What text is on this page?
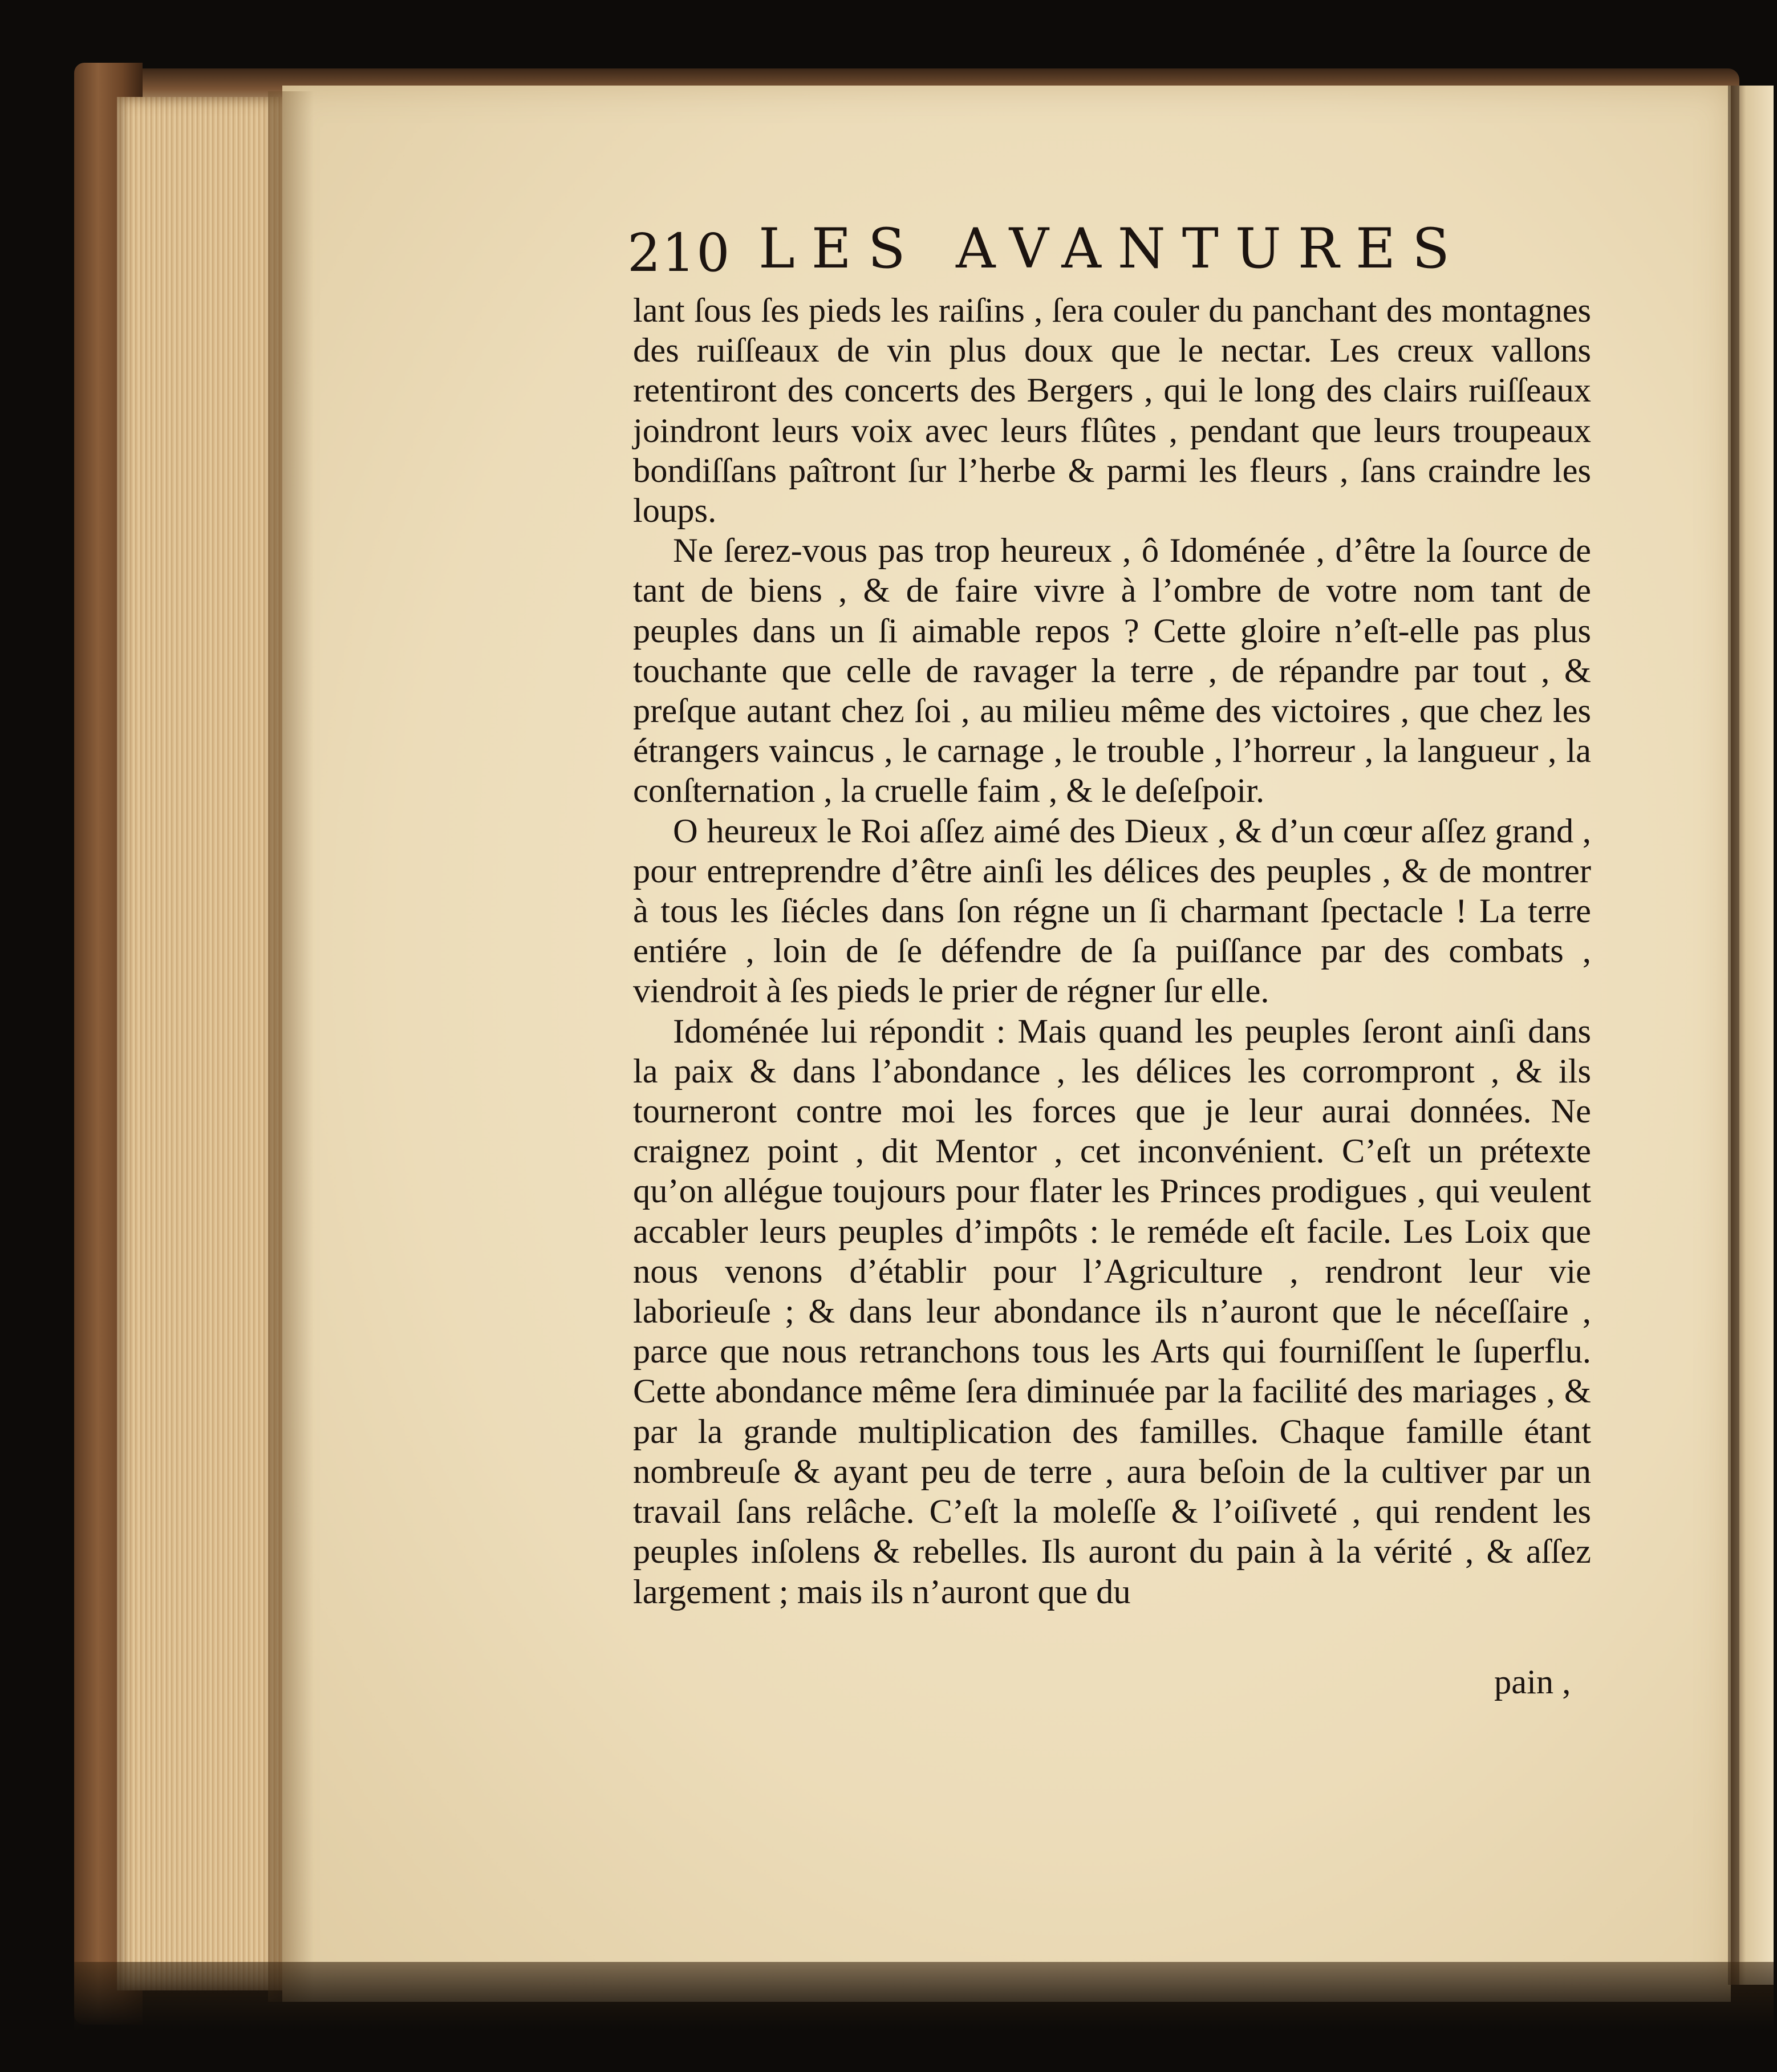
210 LES AVANTURES

lant ſous ſes pieds les raiſins , ſera couler du panchant des montagnes des ruiſſeaux de vin plus doux que le nectar. Les creux vallons retentiront des concerts des Bergers , qui le long des clairs ruiſſeaux joindront leurs voix avec leurs flûtes , pendant que leurs troupeaux bondiſſans paîtront ſur l’herbe & parmi les fleurs , ſans craindre les loups.

Ne ſerez-vous pas trop heureux , ô Idoménée , d’être la ſource de tant de biens , & de faire vivre à l’ombre de votre nom tant de peuples dans un ſi aimable repos ? Cette gloire n’eſt-elle pas plus touchante que celle de ravager la terre , de répandre par tout , & preſque autant chez ſoi , au milieu même des victoires , que chez les étrangers vaincus , le carnage , le trouble , l’horreur , la langueur , la conſternation , la cruelle faim , & le deſeſpoir.

O heureux le Roi aſſez aimé des Dieux , & d’un cœur aſſez grand , pour entreprendre d’être ainſi les délices des peuples , & de montrer à tous les ſiécles dans ſon régne un ſi charmant ſpectacle ! La terre entiére , loin de ſe défendre de ſa puiſſance par des combats , viendroit à ſes pieds le prier de régner ſur elle.

Idoménée lui répondit : Mais quand les peuples ſeront ainſi dans la paix & dans l’abondance , les délices les corrompront , & ils tourneront contre moi les forces que je leur aurai données. Ne craignez point , dit Mentor , cet inconvénient. C’eſt un prétexte qu’on allégue toujours pour flater les Princes prodigues , qui veulent accabler leurs peuples d’impôts : le reméde eſt facile. Les Loix que nous venons d’établir pour l’Agriculture , rendront leur vie laborieuſe ; & dans leur abondance ils n’auront que le néceſſaire , parce que nous retranchons tous les Arts qui fourniſſent le ſuperflu. Cette abondance même ſera diminuée par la facilité des mariages , & par la grande multiplication des familles. Chaque famille étant nombreuſe & ayant peu de terre , aura beſoin de la cultiver par un travail ſans relâche. C’eſt la moleſſe & l’oiſiveté , qui rendent les peuples inſolens & rebelles. Ils auront du pain à la vérité , & aſſez largement ; mais ils n’auront que du

pain ,
